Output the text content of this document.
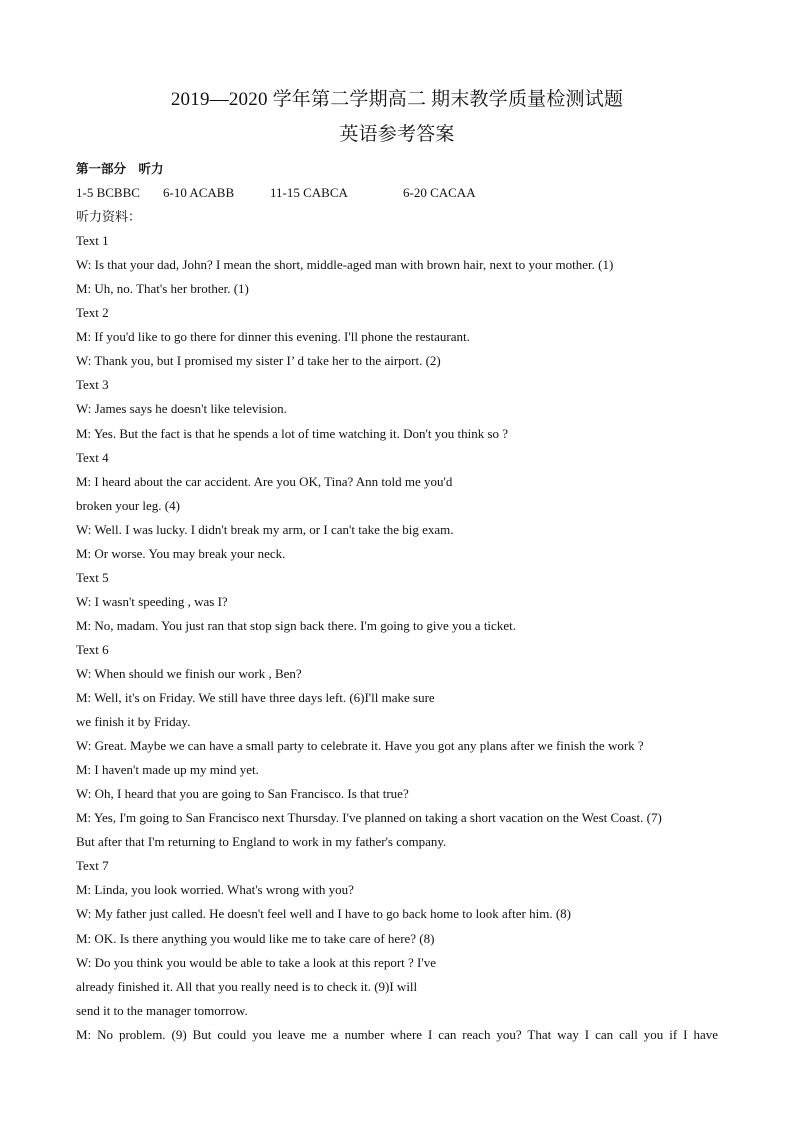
2019—2020 学年第二学期高二 期末教学质量检测试题
英语参考答案
第一部分　听力
1-5 BCBBC	6-10 ACABB	11-15 CABCA	6-20 CACAA
听力资料：
Text 1
W: Is that your dad, John? I mean the short, middle-aged man with brown hair, next to your mother. (1)
M: Uh, no. That's her brother. (1)
Text 2
M: If you'd like to go there for dinner this evening. I'll phone the restaurant.
W: Thank you, but I promised my sister I’ d take her to the airport. (2)
Text 3
W: James says he doesn't like television.
M: Yes. But the fact is that he spends a lot of time watching it. Don't you think so ?
Text 4
M: I heard about the car accident. Are you OK, Tina? Ann told me you'd
broken your leg. (4)
W: Well. I was lucky. I didn't break my arm, or I can't take the big exam.
M: Or worse. You may break your neck.
Text 5
W: I wasn't speeding , was I?
M: No, madam. You just ran that stop sign back there. I'm going to give you a ticket.
Text 6
W: When should we finish our work , Ben?
M: Well, it's on Friday. We still have three days left. (6)I'll make sure
we finish it by Friday.
W: Great. Maybe we can have a small party to celebrate it. Have you got any plans after we finish the work ?
M: I haven't made up my mind yet.
W: Oh, I heard that you are going to San Francisco. Is that true?
M: Yes, I'm going to San Francisco next Thursday. I've planned on taking a short vacation on the West Coast. (7)
But after that I'm returning to England to work in my father's company.
Text 7
M: Linda, you look worried. What's wrong with you?
W: My father just called. He doesn't feel well and I have to go back home to look after him. (8)
M: OK. Is there anything you would like me to take care of here? (8)
W: Do you think you would be able to take a look at this report ? I've
already finished it. All that you really need is to check it. (9)I will
send it to the manager tomorrow.
M: No problem. (9) But could you leave me a number where I can reach you? That way I can call you if I have
